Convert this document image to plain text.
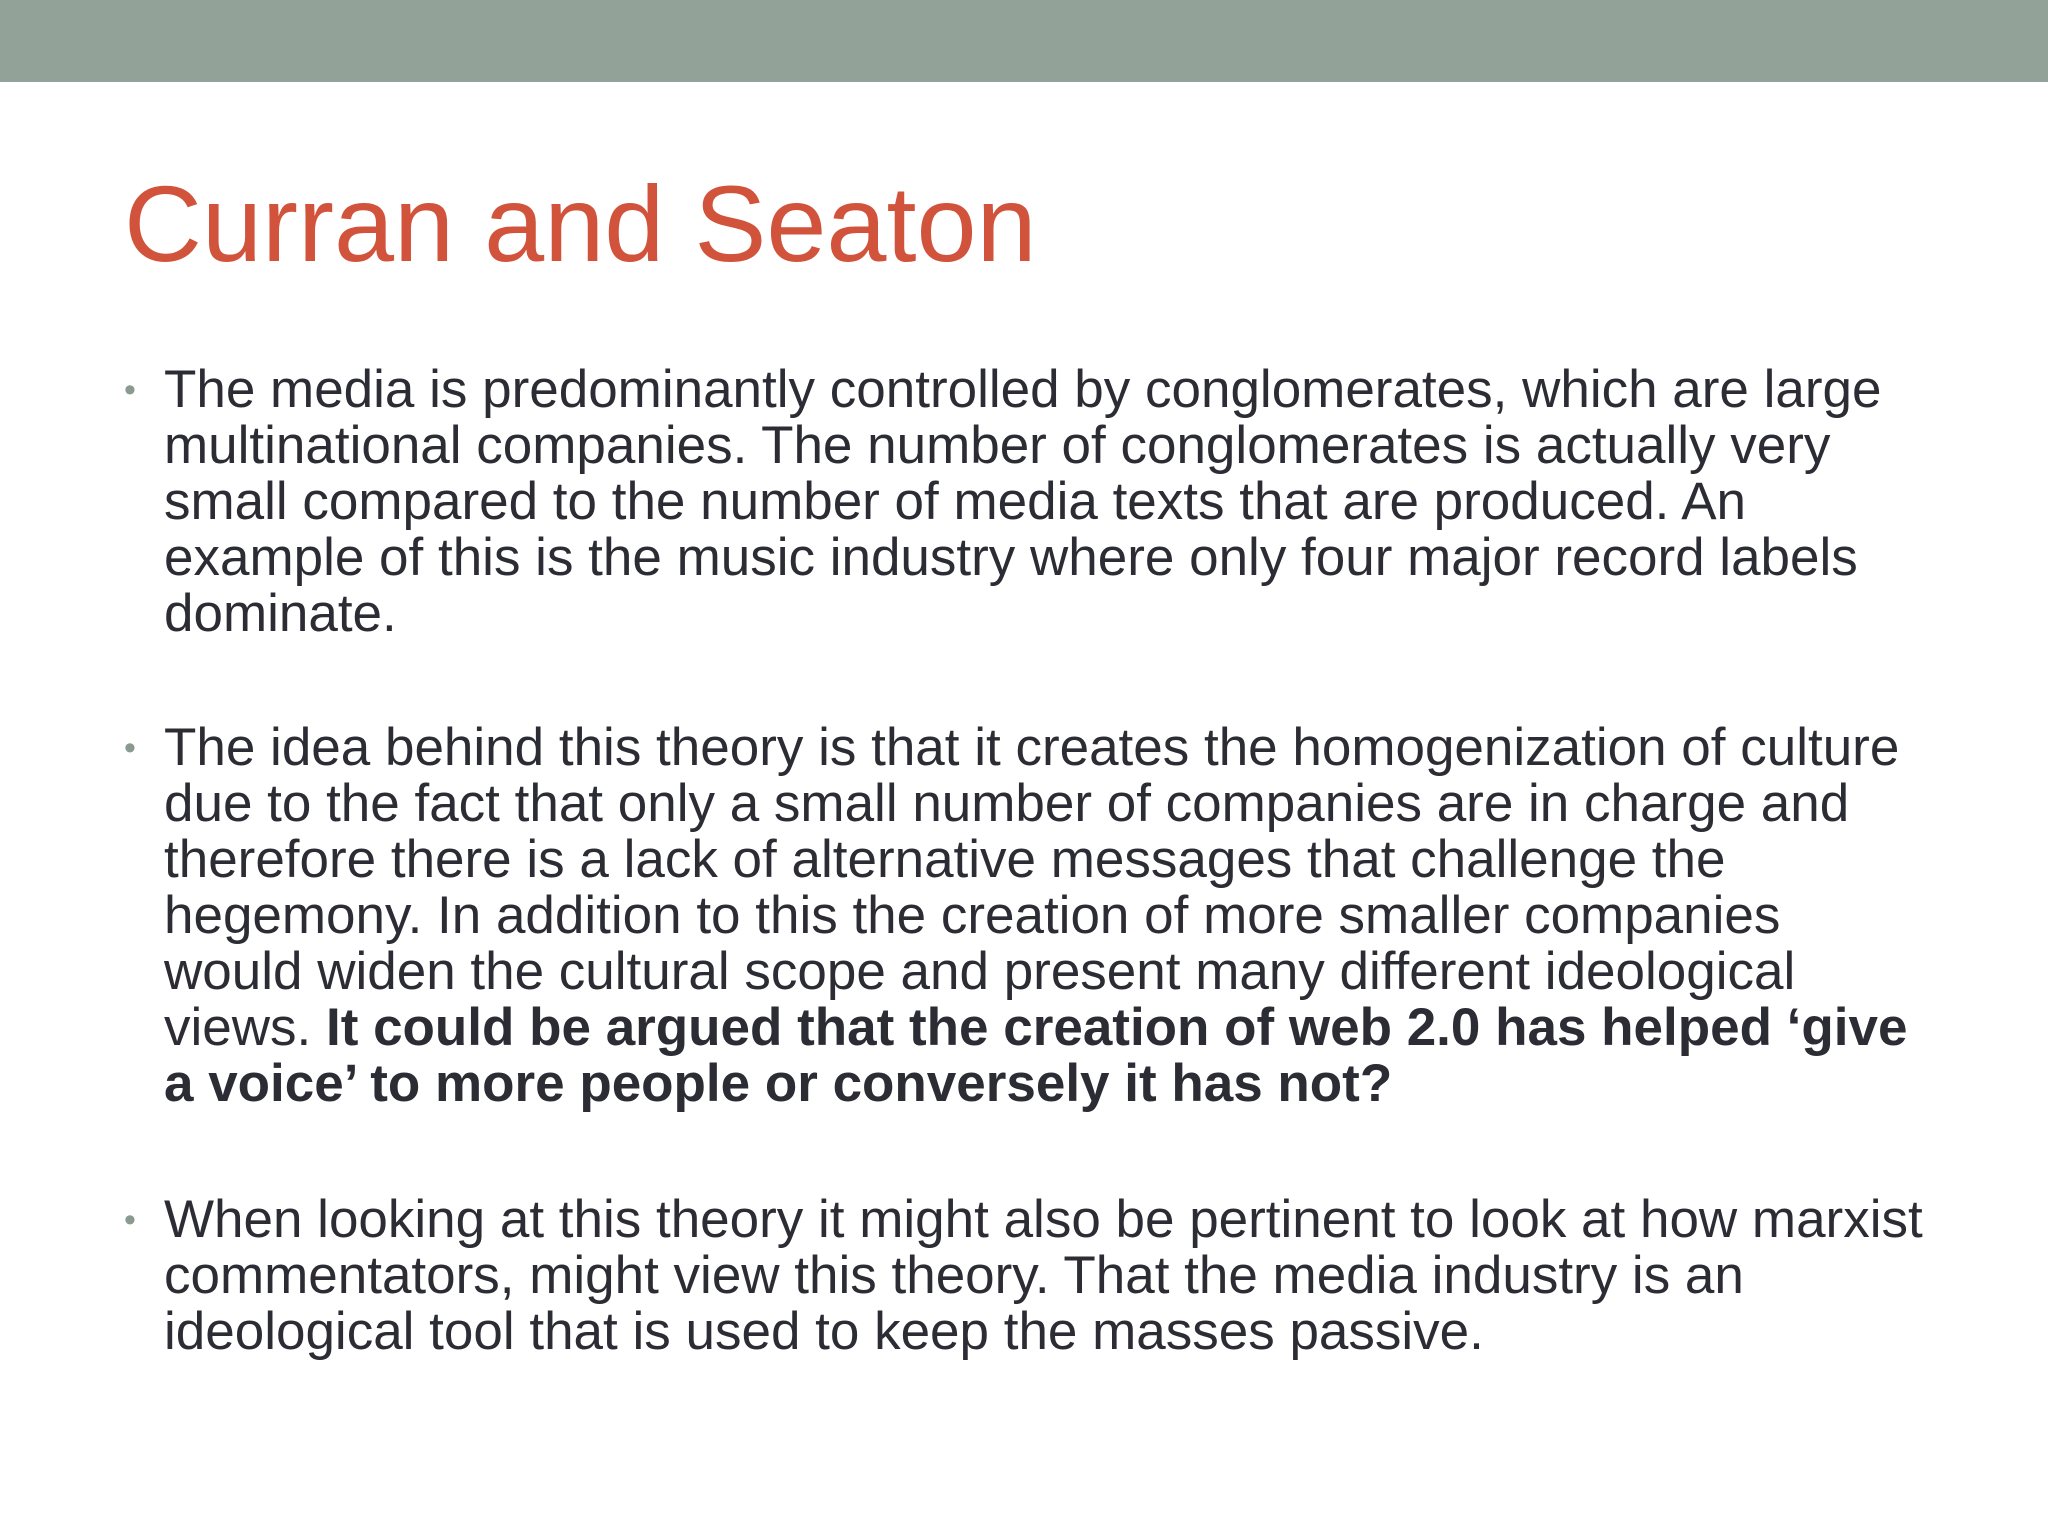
Curran and Seaton
• The media is predominantly controlled by conglomerates, which are large multinational companies. The number of conglomerates is actually very small compared to the number of media texts that are produced. An example of this is the music industry where only four major record labels dominate.
• The idea behind this theory is that it creates the homogenization of culture due to the fact that only a small number of companies are in charge and therefore there is a lack of alternative messages that challenge the hegemony. In addition to this the creation of more smaller companies would widen the cultural scope and present many different ideological views. It could be argued that the creation of web 2.0 has helped ‘give a voice’ to more people or conversely it has not?
• When looking at this theory it might also be pertinent to look at how marxist commentators, might view this theory. That the media industry is an ideological tool that is used to keep the masses passive.
